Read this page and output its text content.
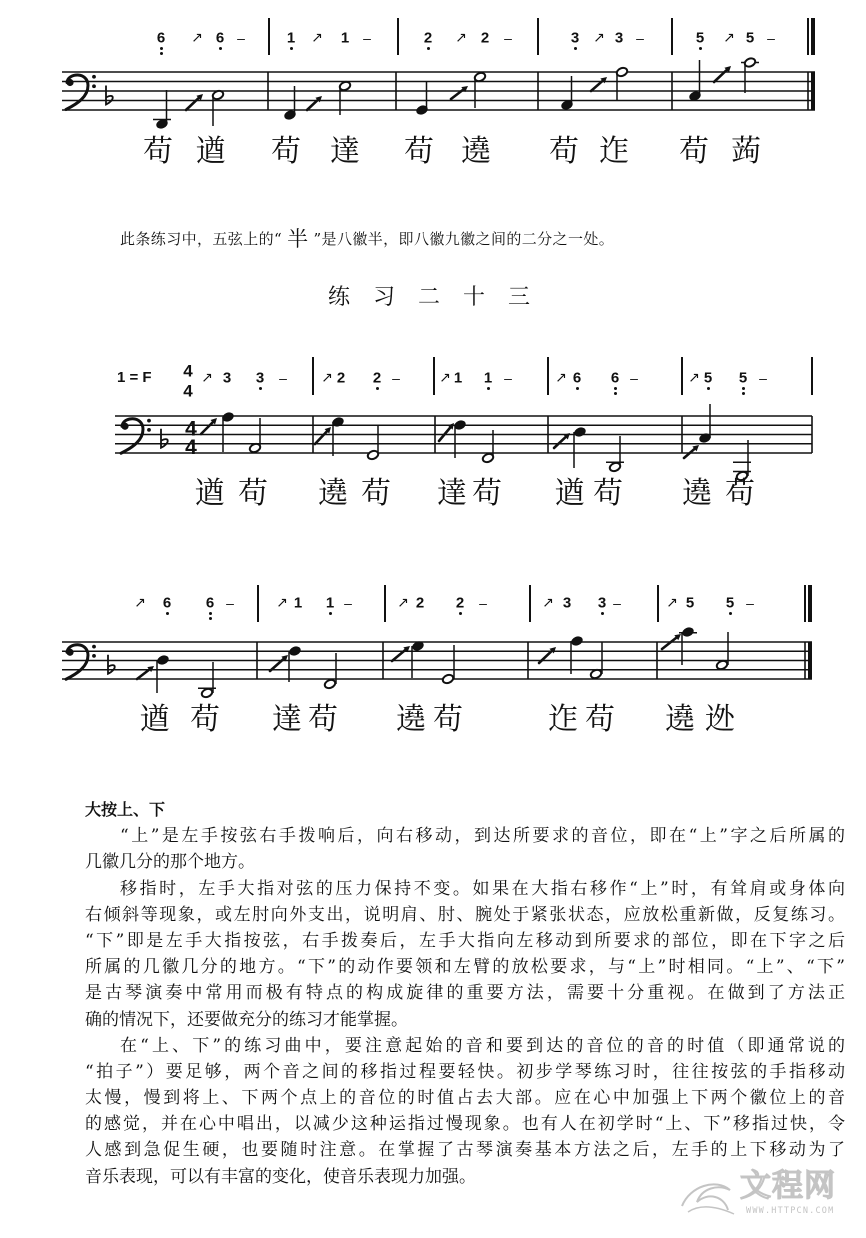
4
4
6 ↗ 6 –	1 ↗ 1 –	2 ↗ 2 –	3 ↗ 3 –	5 ↗ 5 –
苟 遒 苟 達 苟 遶 苟 迮 苟 蒟
1 = F 4
4
↗ 3 3 – ↗ 2 2 –	↗ 1 1 –	↗ 6 6 –	↗ 5 5 –
遒 苟 遶 苟 達 苟 遒 苟 遶 苟
↗ 6 6 –	↗ 1 1 –	↗ 2 2 –	↗ 3 3 –	↗ 5 5 –
遒 苟 達 苟 遶 苟	迮 苟 遶 迯
此条练习中，五弦上的“ 半 ”是八徽半，即八徽九徽之间的二分之一处。
练习二十三
大按上、下
“上”是左手按弦右手拨响后，向右移动，到达所要求的音位，即在“上”字之后所属的
几徽几分的那个地方。
移指时，左手大指对弦的压力保持不变。如果在大指右移作“上”时，有耸肩或身体向
右倾斜等现象，或左肘向外支出，说明肩、肘、腕处于紧张状态，应放松重新做，反复练习。
“下”即是左手大指按弦，右手拨奏后，左手大指向左移动到所要求的部位，即在下字之后
所属的几徽几分的地方。“下”的动作要领和左臂的放松要求，与“上”时相同。“上”、“下”
是古琴演奏中常用而极有特点的构成旋律的重要方法，需要十分重视。在做到了方法正
确的情况下，还要做充分的练习才能掌握。
在“上、下”的练习曲中，要注意起始的音和要到达的音位的音的时值（即通常说的
“拍子”）要足够，两个音之间的移指过程要轻快。初步学琴练习时，往往按弦的手指移动
太慢，慢到将上、下两个点上的音位的时值占去大部。应在心中加强上下两个徽位上的音
的感觉，并在心中唱出，以减少这种运指过慢现象。也有人在初学时“上、下”移指过快，令
人感到急促生硬，也要随时注意。在掌握了古琴演奏基本方法之后，左手的上下移动为了
音乐表现，可以有丰富的变化，使音乐表现力加强。	文程网
WWW.HTTPCN.COM
